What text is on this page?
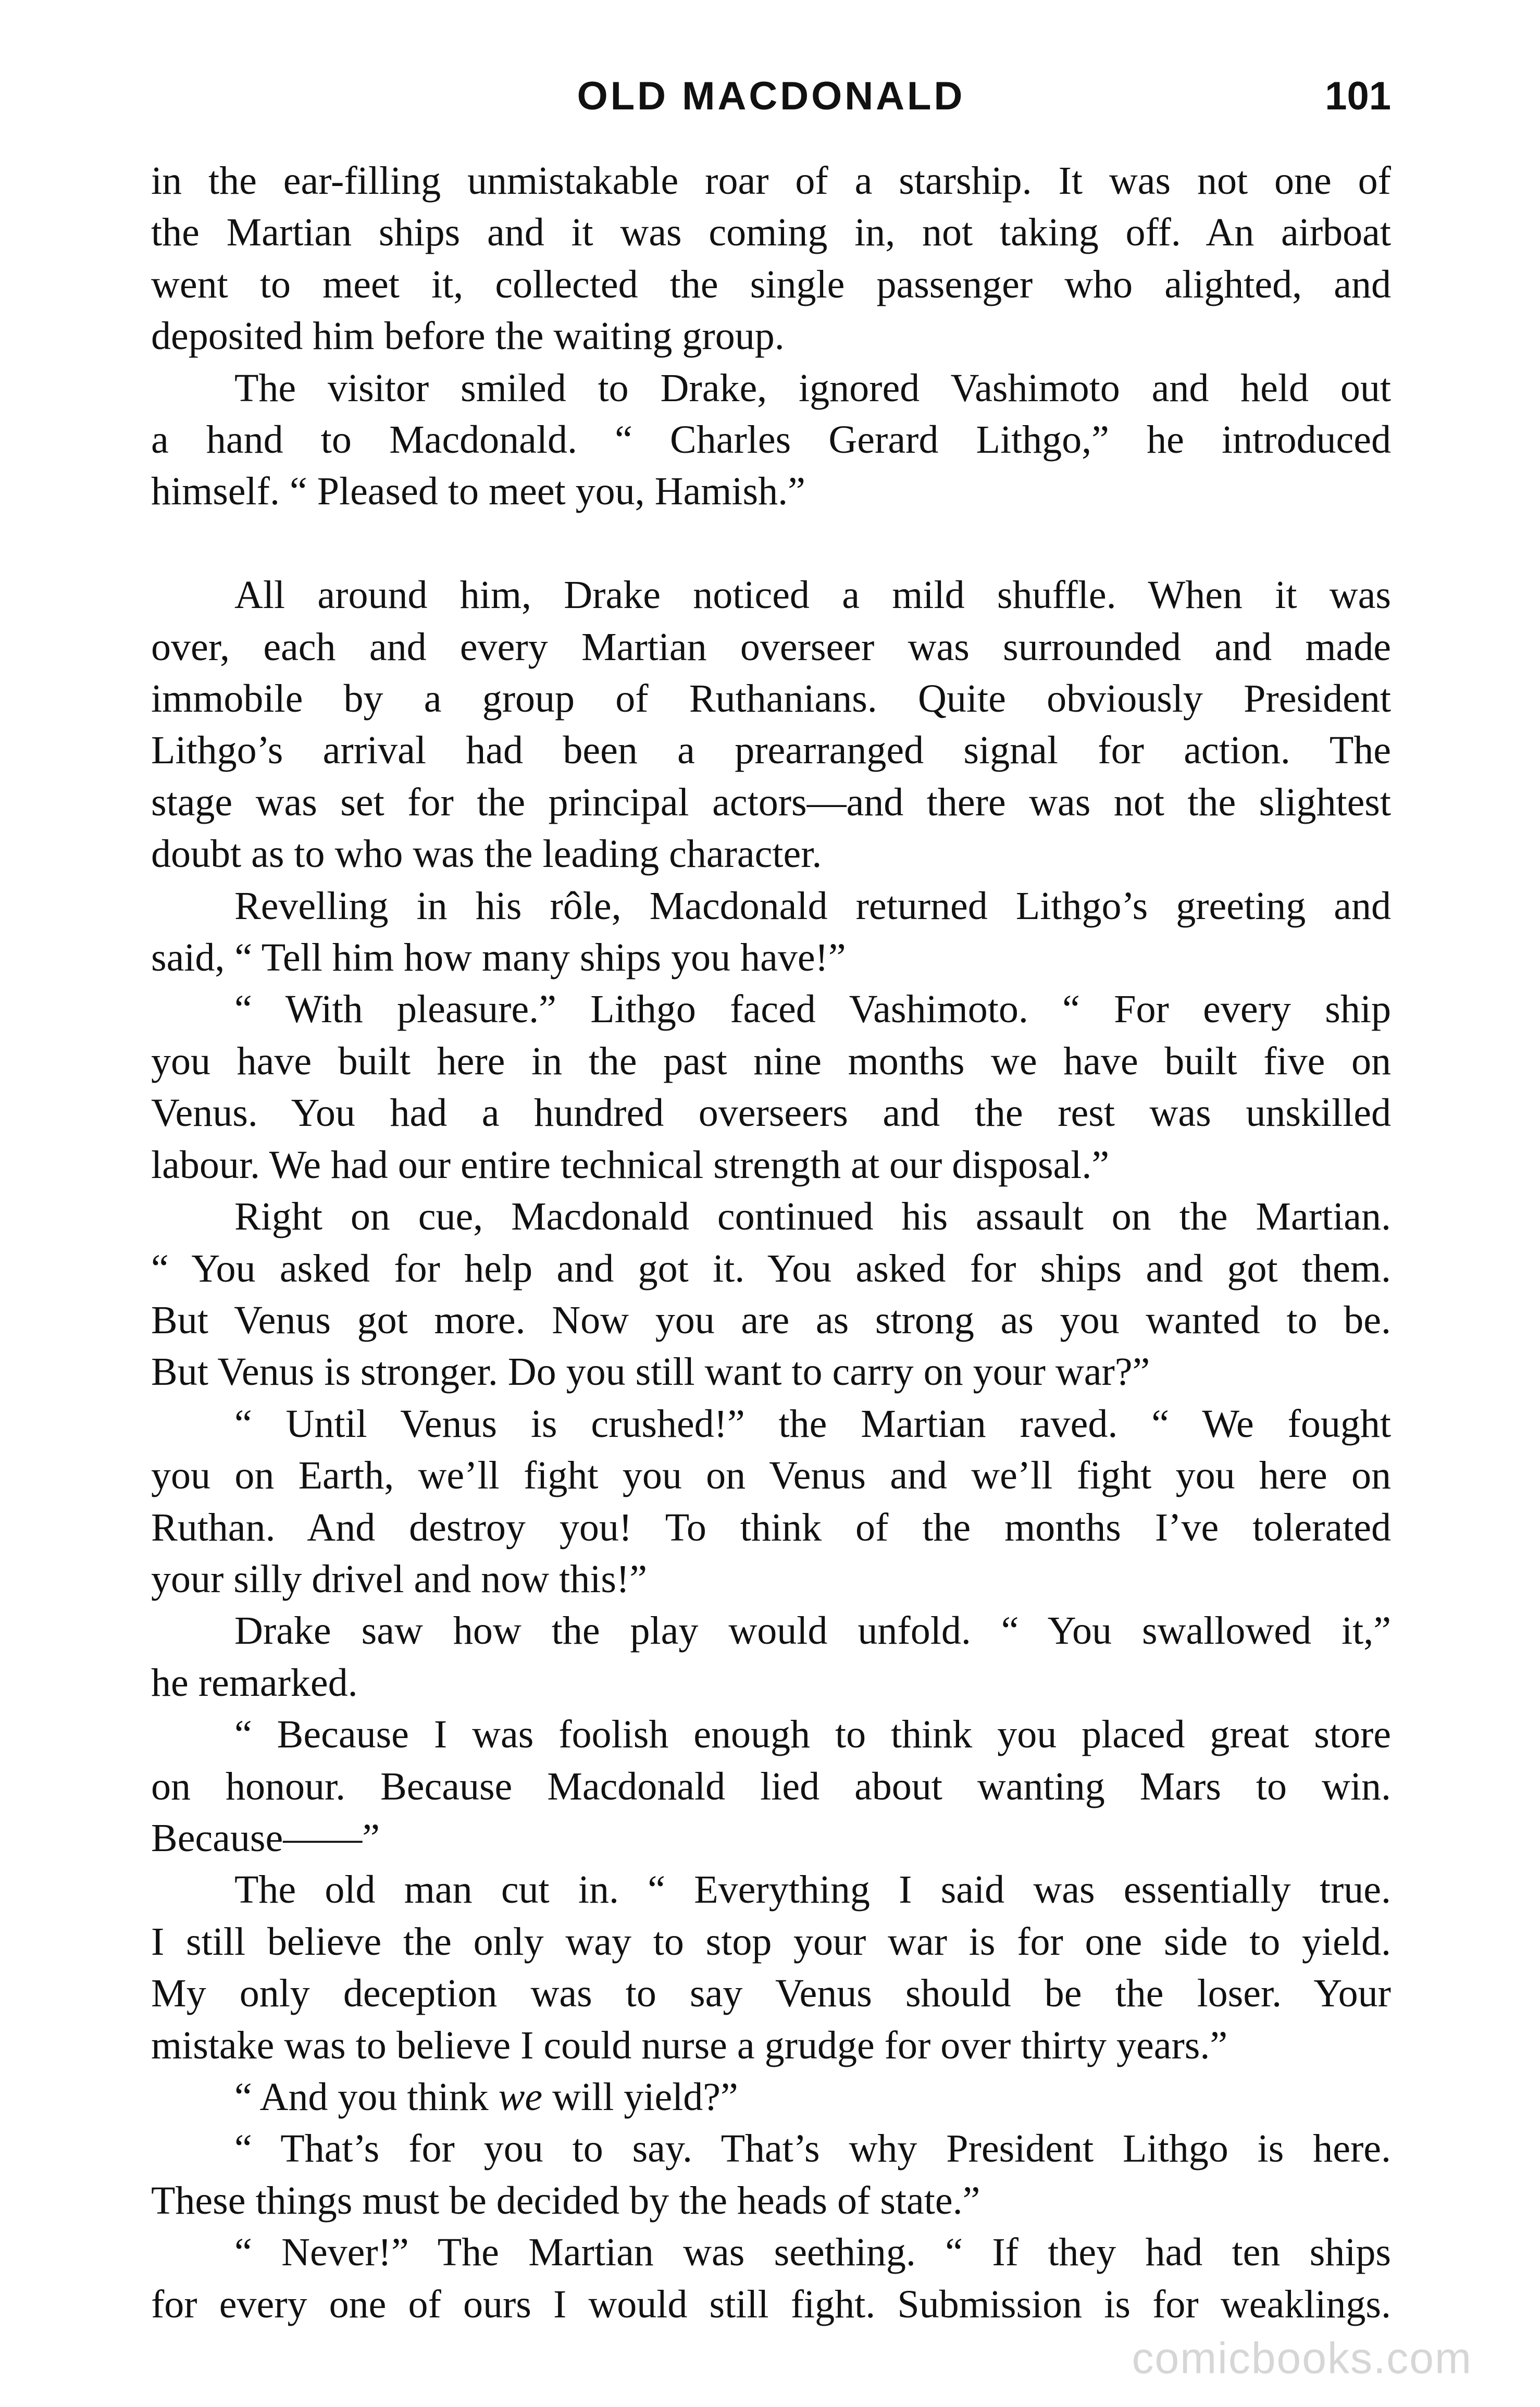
OLD MACDONALD	101

in the ear-filling unmistakable roar of a starship. It was not one of
the Martian ships and it was coming in, not taking off. An airboat
went to meet it, collected the single passenger who alighted, and

deposited him before the waiting group.

The visitor smiled to Drake, ignored Vashimoto and held out
a hand to Macdonald. “ Charles Gerard Lithgo,” he introduced

himself. “ Pleased to meet you, Hamish.”

All around him, Drake noticed a mild shuffle. When it was
over, each and every Martian overseer was surrounded and made
immobile by a group of Ruthanians. Quite obviously President
Lithgo’s arrival had been a prearranged signal for action. The
stage was set for the principal actors—and there was not the slightest

doubt as to who was the leading character.

Revelling in his rôle, Macdonald returned Lithgo’s greeting and

said, “ Tell him how many ships you have!”

“ With pleasure.” Lithgo faced Vashimoto. “ For every ship
you have built here in the past nine months we have built five on
Venus. You had a hundred overseers and the rest was unskilled

labour. We had our entire technical strength at our disposal.”

Right on cue, Macdonald continued his assault on the Martian.
“ You asked for help and got it. You asked for ships and got them.
But Venus got more. Now you are as strong as you wanted to be.

But Venus is stronger. Do you still want to carry on your war?”

“ Until Venus is crushed!” the Martian raved. “ We fought
you on Earth, we’ll fight you on Venus and we’ll fight you here on
Ruthan. And destroy you! To think of the months I’ve tolerated

your silly drivel and now this!”

Drake saw how the play would unfold. “ You swallowed it,”

he remarked.

“ Because I was foolish enough to think you placed great store
on honour. Because Macdonald lied about wanting Mars to win.

Because——”

The old man cut in. “ Everything I said was essentially true.
I still believe the only way to stop your war is for one side to yield.
My only deception was to say Venus should be the loser. Your

mistake was to believe I could nurse a grudge for over thirty years.”

“ And you think we will yield?”

“ That’s for you to say. That’s why President Lithgo is here.

These things must be decided by the heads of state.”

“ Never!” The Martian was seething. “ If they had ten ships
for every one of ours I would still fight. Submission is for weaklings.

comicbooks.com
